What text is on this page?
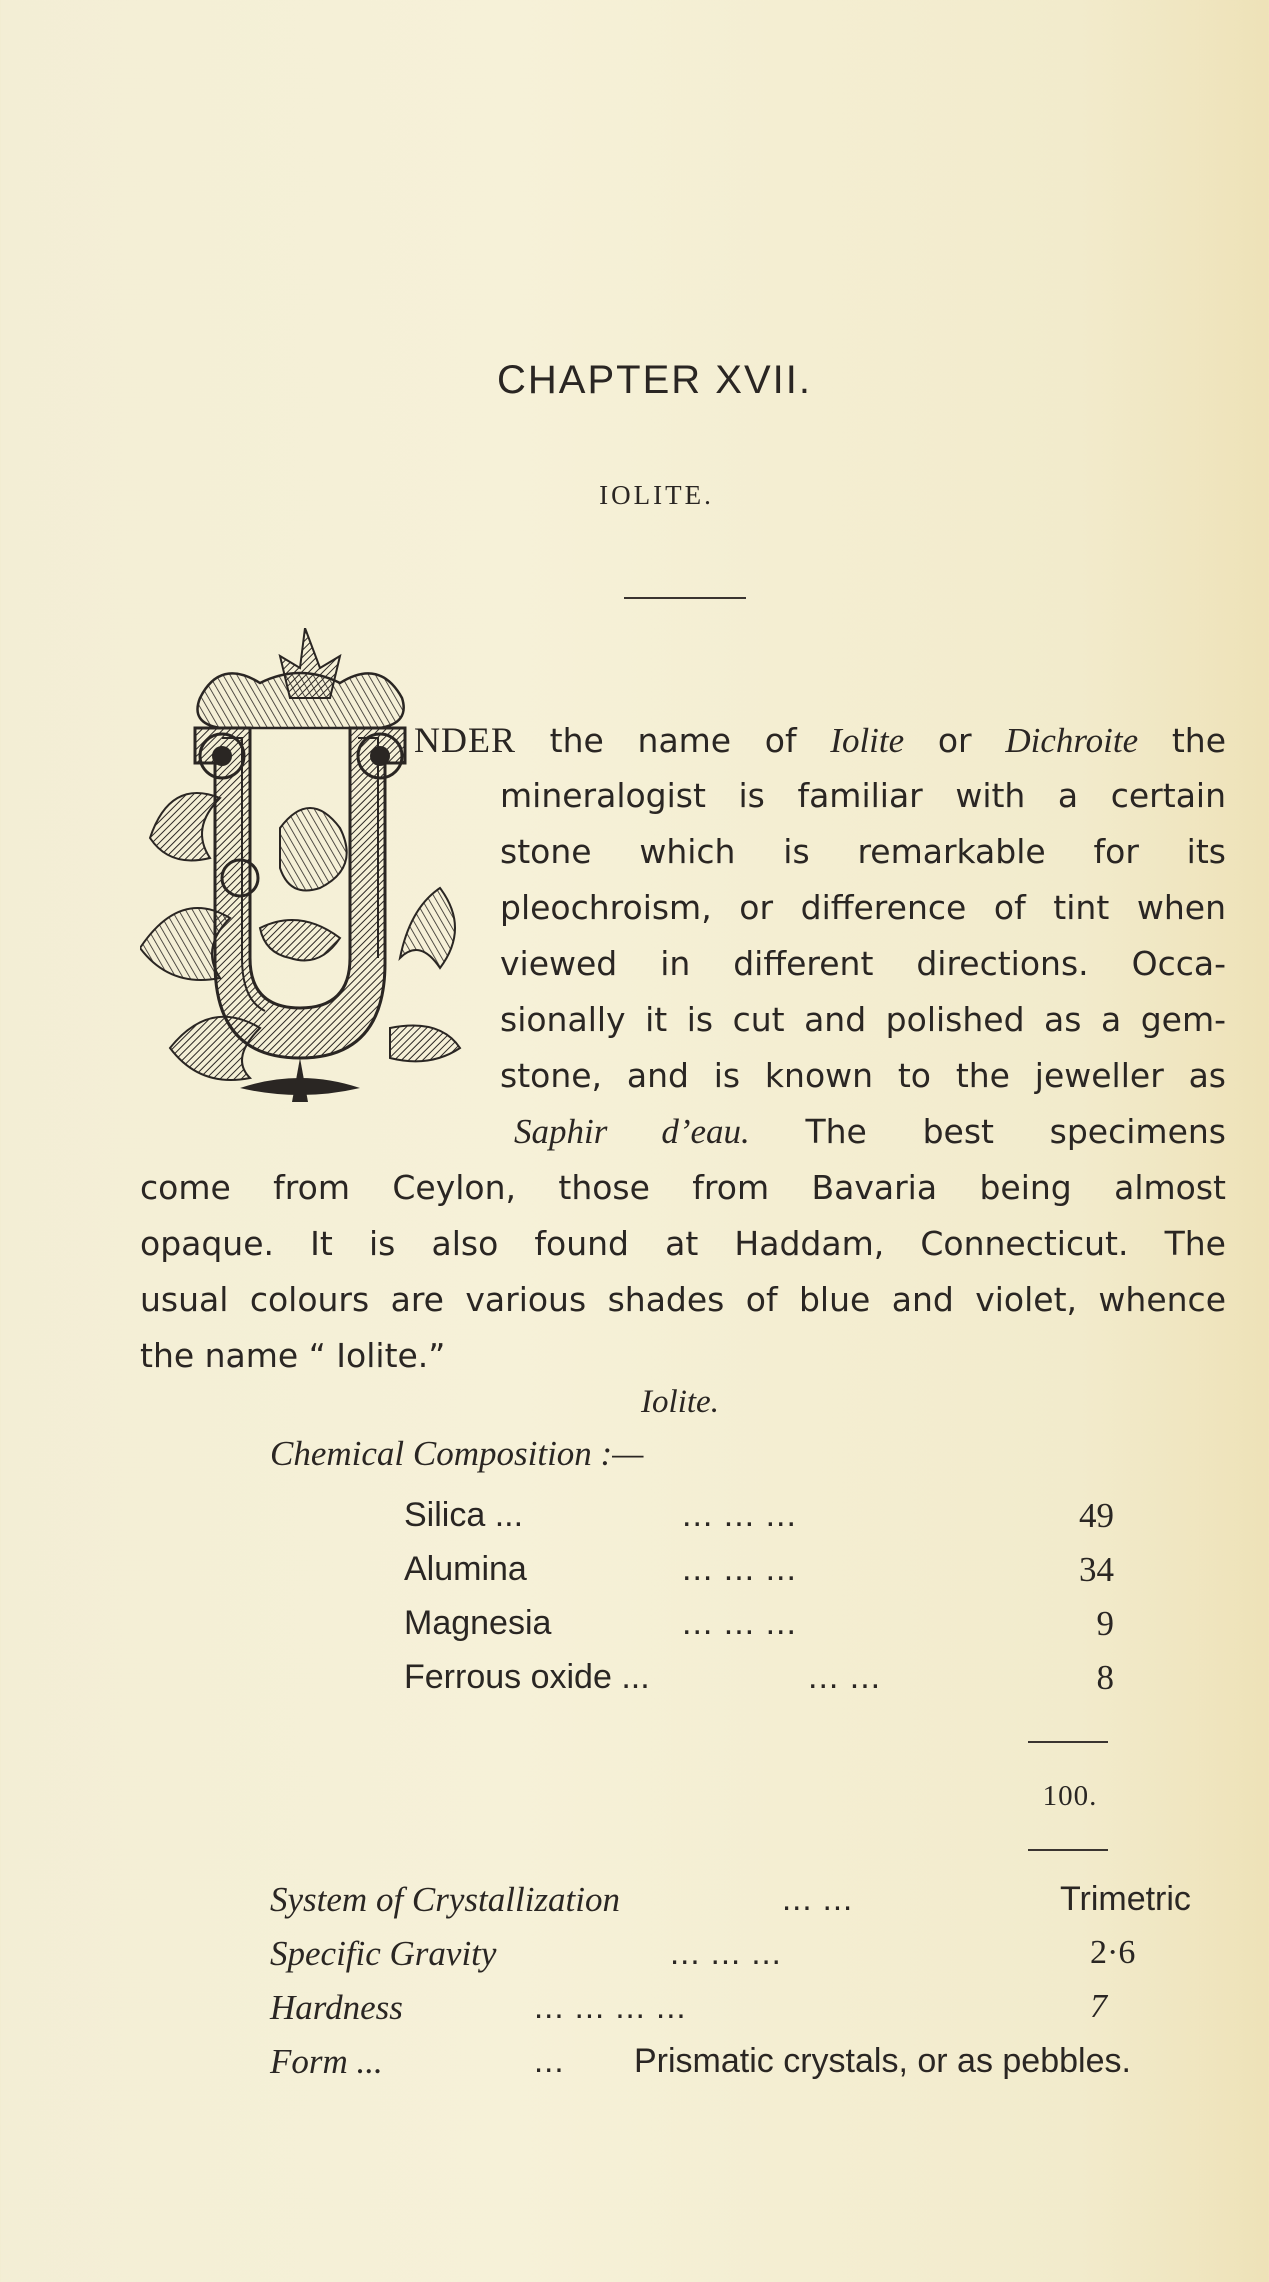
CHAPTER XVII.
IOLITE.
NDER the name of Iolite or Dichroite the
mineralogist is familiar with a certain
stone which is remarkable for its
pleochroism, or difference of tint when
viewed in different directions. Occa-
sionally it is cut and polished as a gem-
stone, and is known to the jeweller as
Saphir d’eau. The best specimens
come from Ceylon, those from Bavaria being almost
opaque. It is also found at Haddam, Connecticut. The
usual colours are various shades of blue and violet, whence
the name “ Iolite.”
Iolite.
Chemical Composition :—
Silica ...	... ... ...	49
Alumina	... ... ...	34
Magnesia	... ... ...	9
Ferrous oxide ...	... ...	8
100.
System of Crystallization	... ...	Trimetric
Specific Gravity	... ... ...	2·6
Hardness	... ... ... ...	7
Form ...	... Prismatic crystals, or as pebbles.
